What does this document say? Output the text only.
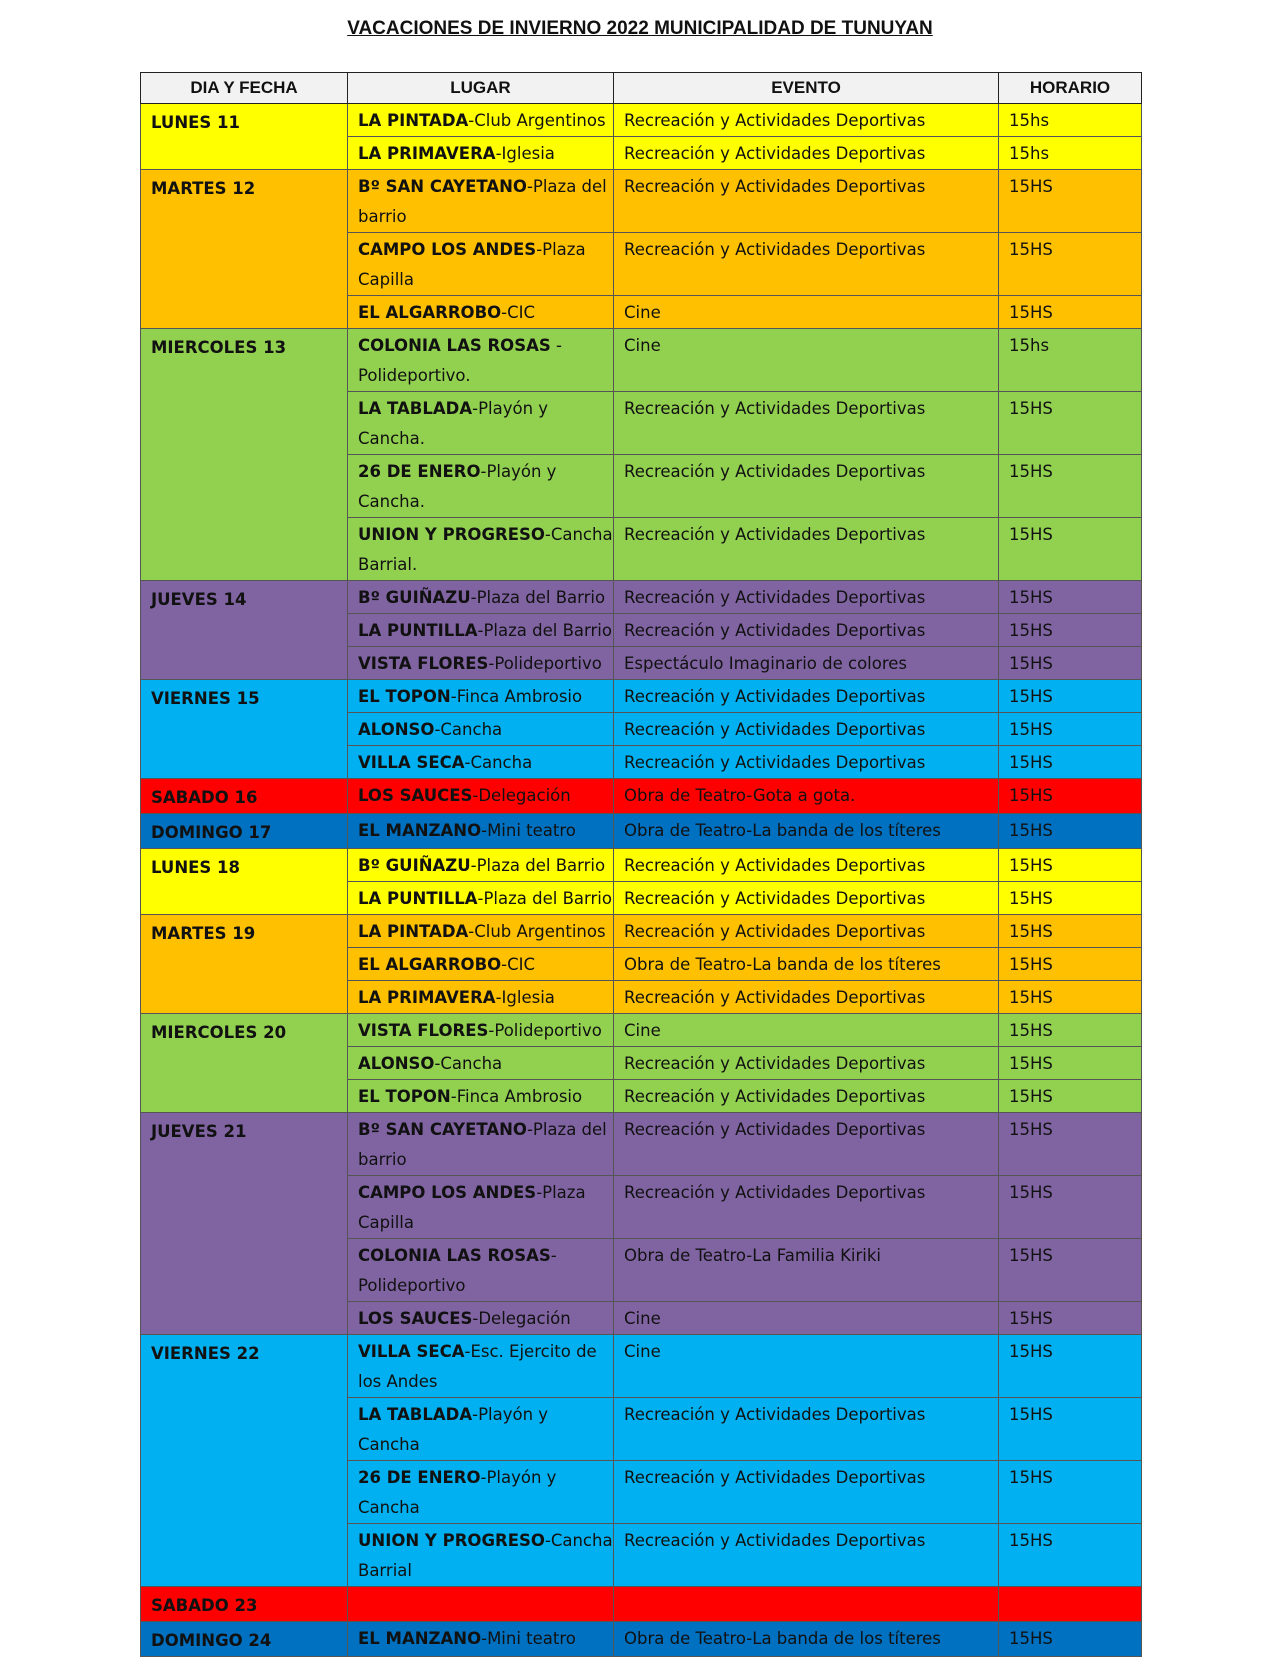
VACACIONES DE INVIERNO 2022 MUNICIPALIDAD DE TUNUYAN
DIA Y FECHA	LUGAR	EVENTO	HORARIO
LUNES 11	LA PINTADA-Club Argentinos	Recreación y Actividades Deportivas	15hs
	LA PRIMAVERA-Iglesia	Recreación y Actividades Deportivas	15hs
MARTES 12	Bº SAN CAYETANO-Plaza del barrio	Recreación y Actividades Deportivas	15HS
	CAMPO LOS ANDES-Plaza Capilla	Recreación y Actividades Deportivas	15HS
	EL ALGARROBO-CIC	Cine	15HS
MIERCOLES 13	COLONIA LAS ROSAS - Polideportivo.	Cine	15hs
	LA TABLADA-Playón y Cancha.	Recreación y Actividades Deportivas	15HS
	26 DE ENERO-Playón y Cancha.	Recreación y Actividades Deportivas	15HS
	UNION Y PROGRESO-Cancha Barrial.	Recreación y Actividades Deportivas	15HS
JUEVES 14	Bº GUIÑAZU-Plaza del Barrio	Recreación y Actividades Deportivas	15HS
	LA PUNTILLA-Plaza del Barrio	Recreación y Actividades Deportivas	15HS
	VISTA FLORES-Polideportivo	Espectáculo Imaginario de colores	15HS
VIERNES 15	EL TOPON-Finca Ambrosio	Recreación y Actividades Deportivas	15HS
	ALONSO-Cancha	Recreación y Actividades Deportivas	15HS
	VILLA SECA-Cancha	Recreación y Actividades Deportivas	15HS
SABADO 16	LOS SAUCES-Delegación	Obra de Teatro-Gota a gota.	15HS
DOMINGO 17	EL MANZANO-Mini teatro	Obra de Teatro-La banda de los títeres	15HS
LUNES 18	Bº GUIÑAZU-Plaza del Barrio	Recreación y Actividades Deportivas	15HS
	LA PUNTILLA-Plaza del Barrio	Recreación y Actividades Deportivas	15HS
MARTES 19	LA PINTADA-Club Argentinos	Recreación y Actividades Deportivas	15HS
	EL ALGARROBO-CIC	Obra de Teatro-La banda de los títeres	15HS
	LA PRIMAVERA-Iglesia	Recreación y Actividades Deportivas	15HS
MIERCOLES 20	VISTA FLORES-Polideportivo	Cine	15HS
	ALONSO-Cancha	Recreación y Actividades Deportivas	15HS
	EL TOPON-Finca Ambrosio	Recreación y Actividades Deportivas	15HS
JUEVES 21	Bº SAN CAYETANO-Plaza del barrio	Recreación y Actividades Deportivas	15HS
	CAMPO LOS ANDES-Plaza Capilla	Recreación y Actividades Deportivas	15HS
	COLONIA LAS ROSAS- Polideportivo	Obra de Teatro-La Familia Kiriki	15HS
	LOS SAUCES-Delegación	Cine	15HS
VIERNES 22	VILLA SECA-Esc. Ejercito de los Andes	Cine	15HS
	LA TABLADA-Playón y Cancha	Recreación y Actividades Deportivas	15HS
	26 DE ENERO-Playón y Cancha	Recreación y Actividades Deportivas	15HS
	UNION Y PROGRESO-Cancha Barrial	Recreación y Actividades Deportivas	15HS
SABADO 23			
DOMINGO 24	EL MANZANO-Mini teatro	Obra de Teatro-La banda de los títeres	15HS
